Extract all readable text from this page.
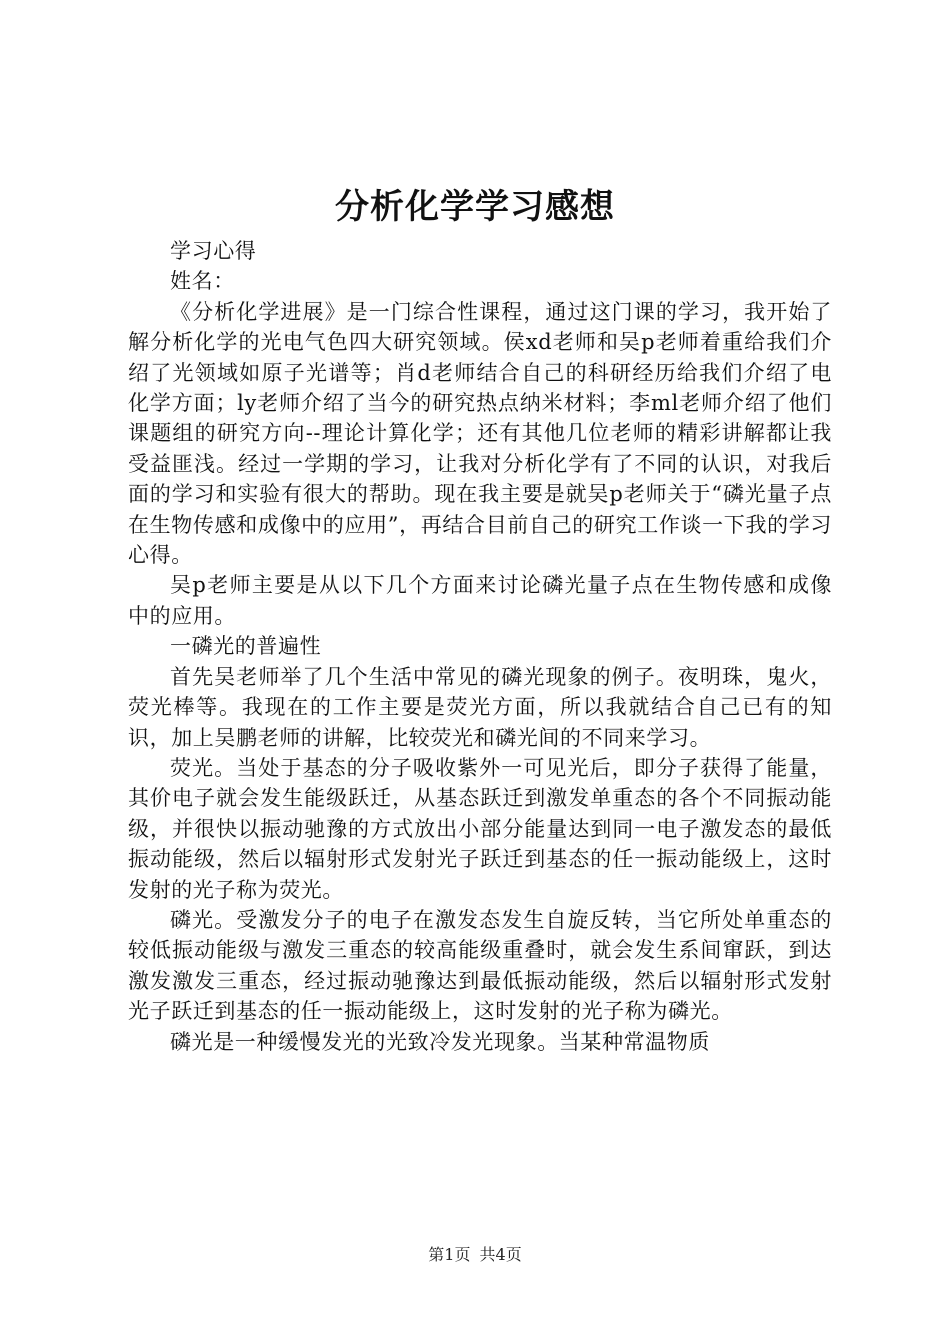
分析化学学习感想

学习心得

姓名：

《分析化学进展》是一门综合性课程，通过这门课的学习，我开始了解分析化学的光电气色四大研究领域。侯xd老师和吴p老师着重给我们介绍了光领域如原子光谱等；肖d老师结合自己的科研经历给我们介绍了电化学方面；ly老师介绍了当今的研究热点纳米材料；李ml老师介绍了他们课题组的研究方向--理论计算化学；还有其他几位老师的精彩讲解都让我受益匪浅。经过一学期的学习，让我对分析化学有了不同的认识，对我后面的学习和实验有很大的帮助。现在我主要是就吴p老师关于“磷光量子点在生物传感和成像中的应用”，再结合目前自己的研究工作谈一下我的学习心得。

吴p老师主要是从以下几个方面来讨论磷光量子点在生物传感和成像中的应用。

一磷光的普遍性

首先吴老师举了几个生活中常见的磷光现象的例子。夜明珠，鬼火，荧光棒等。我现在的工作主要是荧光方面，所以我就结合自己已有的知识，加上吴鹏老师的讲解，比较荧光和磷光间的不同来学习。

荧光。当处于基态的分子吸收紫外一可见光后，即分子获得了能量，其价电子就会发生能级跃迁，从基态跃迁到激发单重态的各个不同振动能级，并很快以振动驰豫的方式放出小部分能量达到同一电子激发态的最低振动能级，然后以辐射形式发射光子跃迁到基态的任一振动能级上，这时发射的光子称为荧光。

磷光。受激发分子的电子在激发态发生自旋反转，当它所处单重态的较低振动能级与激发三重态的较高能级重叠时，就会发生系间窜跃，到达激发激发三重态，经过振动驰豫达到最低振动能级，然后以辐射形式发射光子跃迁到基态的任一振动能级上，这时发射的光子称为磷光。

磷光是一种缓慢发光的光致冷发光现象。当某种常温物质

第1页 共4页
